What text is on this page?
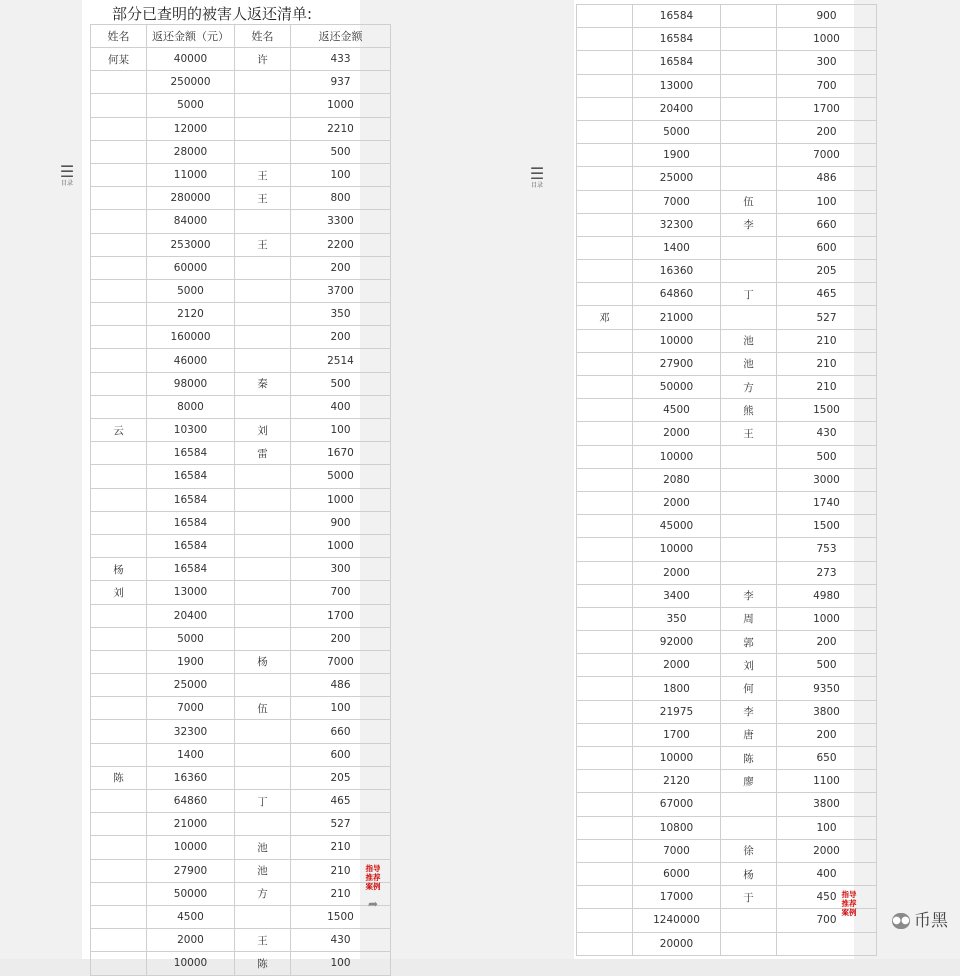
部分已查明的被害人返还清单:
姓名	返还金额（元）	姓名	返还金额
何某	40000	许	433
	250000		937
	5000		1000
	12000		2210
	28000		500
	11000	王	100
	280000	王	800
	84000		3300
	253000	王	2200
	60000		200
	5000		3700
	2120		350
	160000		200
	46000		2514
	98000	秦	500
	8000		400
云	10300	刘	100
	16584	雷	1670
	16584		5000
	16584		1000
	16584		900
	16584		1000
杨	16584		300
刘	13000		700
	20400		1700
	5000		200
	1900	杨	7000
	25000		486
	7000	伍	100
	32300		660
	1400		600
陈	16360		205
	64860	丁	465
	21000		527
	10000	池	210
	27900	池	210
	50000	方	210
	4500		1500
	2000	王	430
	10000	陈	100
☰
目录
指导
推荐
案例
➦
	16584		900
	16584		1000
	16584		300
	13000		700
	20400		1700
	5000		200
	1900		7000
	25000		486
	7000	伍	100
	32300	李	660
	1400		600
	16360		205
	64860	丁	465
邓	21000		527
	10000	池	210
	27900	池	210
	50000	方	210
	4500	熊	1500
	2000	王	430
	10000		500
	2080		3000
	2000		1740
	45000		1500
	10000		753
	2000		273
	3400	李	4980
	350	周	1000
	92000	郭	200
	2000	刘	500
	1800	何	9350
	21975	李	3800
	1700	唐	200
	10000	陈	650
	2120	廖	1100
	67000		3800
	10800		100
	7000	徐	2000
	6000	杨	400
	17000	于	450
	1240000		700
	20000		
☰
目录
指导
推荐
案例
●● 币黑
